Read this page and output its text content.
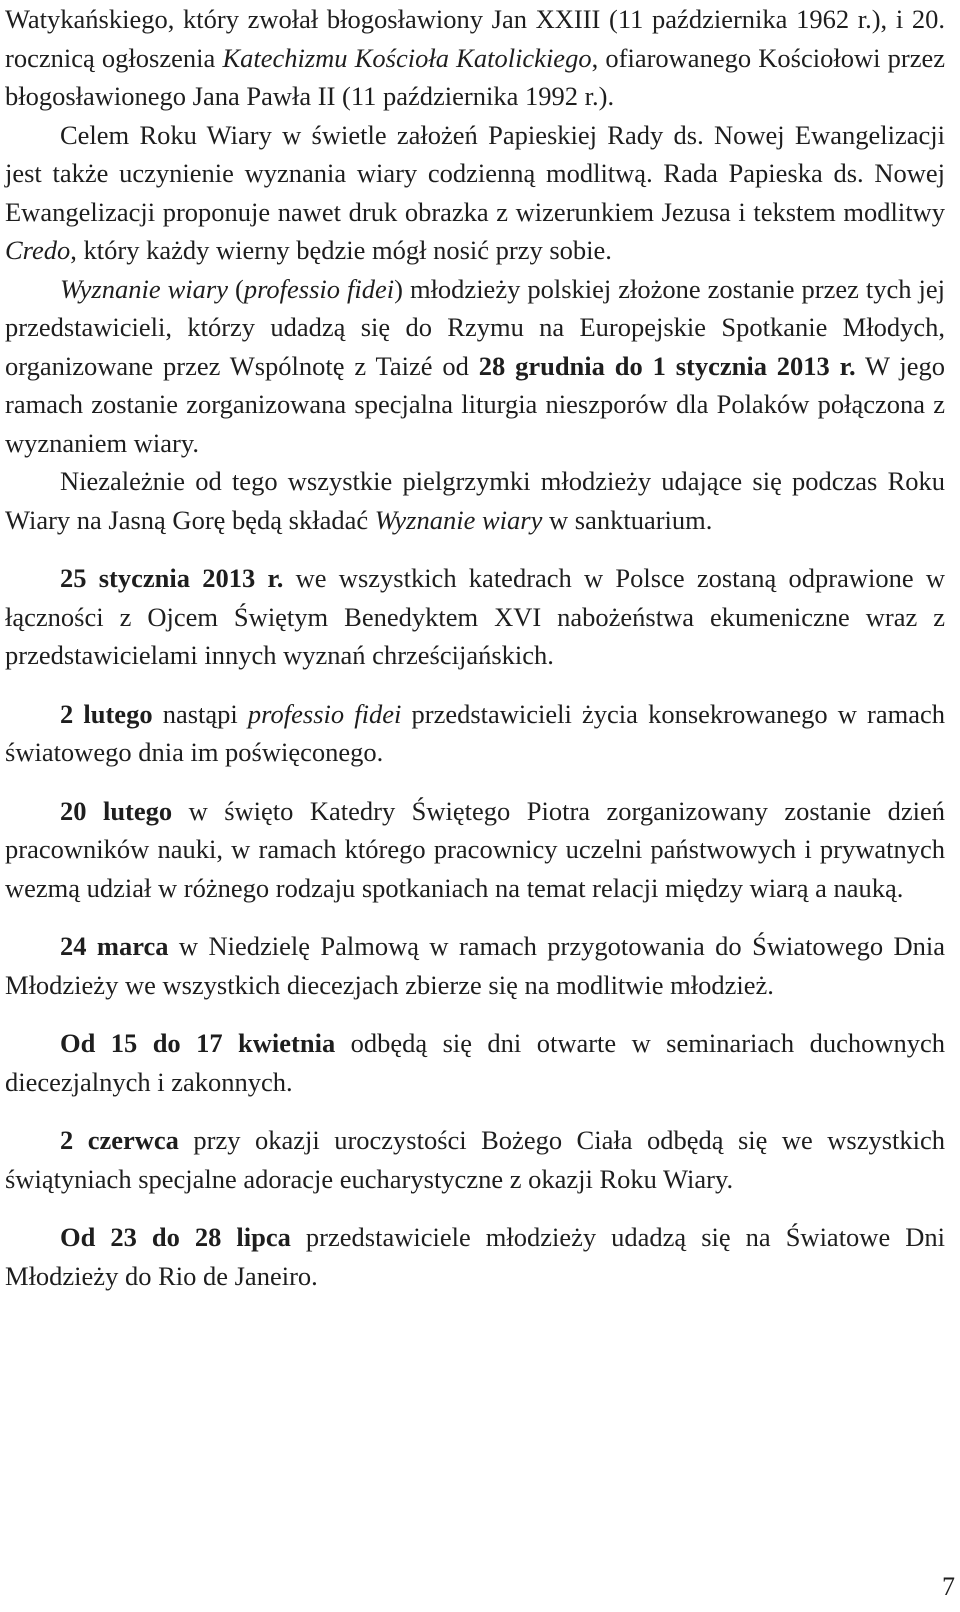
Watykańskiego, który zwołał błogosławiony Jan XXIII (11 października 1962 r.), i 20. rocznicą ogłoszenia Katechizmu Kościoła Katolickiego, ofiarowanego Kościołowi przez błogosławionego Jana Pawła II (11 października 1992 r.).

Celem Roku Wiary w świetle założeń Papieskiej Rady ds. Nowej Ewangelizacji jest także uczynienie wyznania wiary codzienną modlitwą. Rada Papieska ds. Nowej Ewangelizacji proponuje nawet druk obrazka z wizerunkiem Jezusa i tekstem modlitwy Credo, który każdy wierny będzie mógł nosić przy sobie.

Wyznanie wiary (professio fidei) młodzieży polskiej złożone zostanie przez tych jej przedstawicieli, którzy udadzą się do Rzymu na Europejskie Spotkanie Młodych, organizowane przez Wspólnotę z Taizé od 28 grudnia do 1 stycznia 2013 r. W jego ramach zostanie zorganizowana specjalna liturgia nieszporów dla Polaków połączona z wyznaniem wiary.

Niezależnie od tego wszystkie pielgrzymki młodzieży udające się podczas Roku Wiary na Jasną Gorę będą składać Wyznanie wiary w sanktuarium.

25 stycznia 2013 r. we wszystkich katedrach w Polsce zostaną odprawione w łączności z Ojcem Świętym Benedyktem XVI nabożeństwa ekumeniczne wraz z przedstawicielami innych wyznań chrześcijańskich.

2 lutego nastąpi professio fidei przedstawicieli życia konsekrowanego w ramach światowego dnia im poświęconego.

20 lutego w święto Katedry Świętego Piotra zorganizowany zostanie dzień pracowników nauki, w ramach którego pracownicy uczelni państwowych i prywatnych wezmą udział w różnego rodzaju spotkaniach na temat relacji między wiarą a nauką.

24 marca w Niedzielę Palmową w ramach przygotowania do Światowego Dnia Młodzieży we wszystkich diecezjach zbierze się na modlitwie młodzież.

Od 15 do 17 kwietnia odbędą się dni otwarte w seminariach duchownych diecezjalnych i zakonnych.

2 czerwca przy okazji uroczystości Bożego Ciała odbędą się we wszystkich świątyniach specjalne adoracje eucharystyczne z okazji Roku Wiary.

Od 23 do 28 lipca przedstawiciele młodzieży udadzą się na Światowe Dni Młodzieży do Rio de Janeiro.

7
